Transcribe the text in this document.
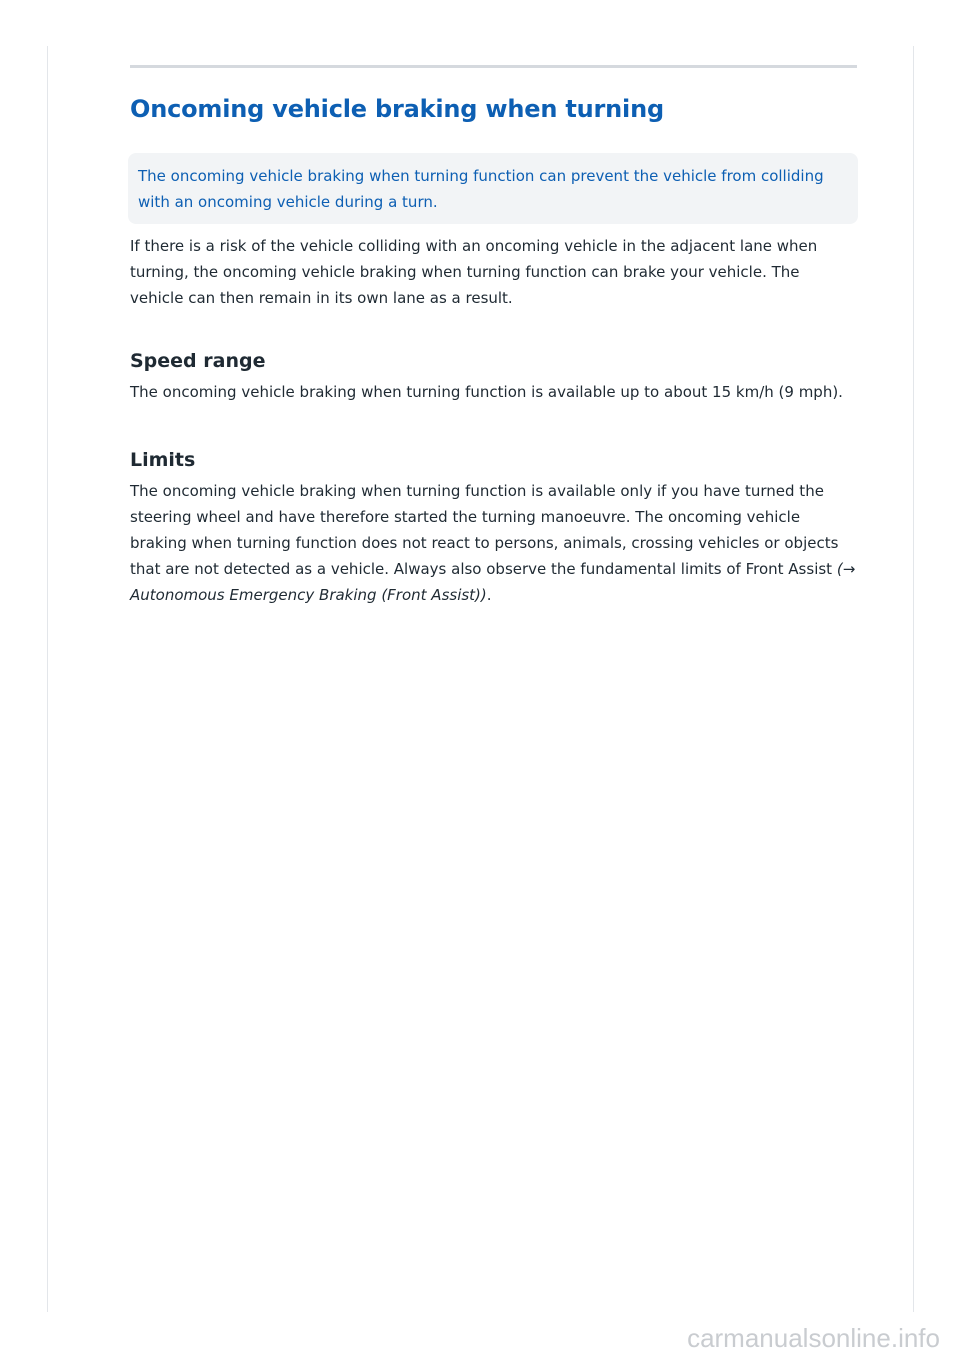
Oncoming vehicle braking when turning

The oncoming vehicle braking when turning function can prevent the vehicle from colliding with an oncoming vehicle during a turn.

If there is a risk of the vehicle colliding with an oncoming vehicle in the adjacent lane when turning, the oncoming vehicle braking when turning function can brake your vehicle. The vehicle can then remain in its own lane as a result.

Speed range

The oncoming vehicle braking when turning function is available up to about 15 km/h (9 mph).

Limits

The oncoming vehicle braking when turning function is available only if you have turned the steering wheel and have therefore started the turning manoeuvre. The oncoming vehicle braking when turning function does not react to persons, animals, crossing vehicles or objects that are not detected as a vehicle. Always also observe the fundamental limits of Front Assist (→ Autonomous Emergency Braking (Front Assist)).

carmanualsonline.info
